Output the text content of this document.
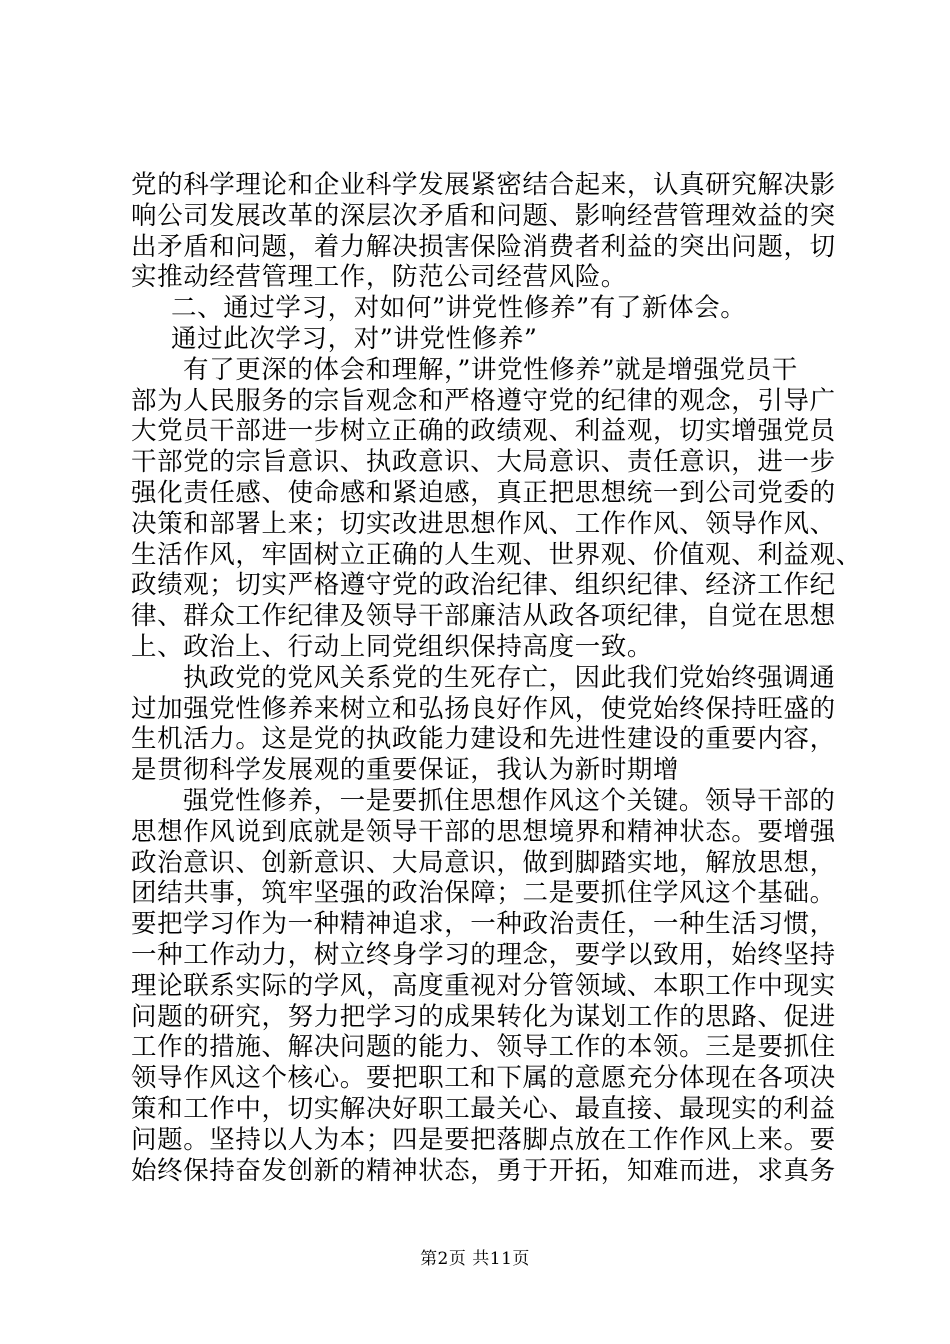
党的科学理论和企业科学发展紧密结合起来，认真研究解决影
响公司发展改革的深层次矛盾和问题、影响经营管理效益的突
出矛盾和问题，着力解决损害保险消费者利益的突出问题，切
实推动经营管理工作，防范公司经营风险。
二、通过学习，对如何”讲党性修养”有了新体会。
通过此次学习，对”讲党性修养”
有了更深的体会和理解，”讲党性修养”就是增强党员干
部为人民服务的宗旨观念和严格遵守党的纪律的观念，引导广
大党员干部进一步树立正确的政绩观、利益观，切实增强党员
干部党的宗旨意识、执政意识、大局意识、责任意识，进一步
强化责任感、使命感和紧迫感，真正把思想统一到公司党委的
决策和部署上来；切实改进思想作风、工作作风、领导作风、
生活作风，牢固树立正确的人生观、世界观、价值观、利益观、
政绩观；切实严格遵守党的政治纪律、组织纪律、经济工作纪
律、群众工作纪律及领导干部廉洁从政各项纪律，自觉在思想
上、政治上、行动上同党组织保持高度一致。
执政党的党风关系党的生死存亡，因此我们党始终强调通
过加强党性修养来树立和弘扬良好作风，使党始终保持旺盛的
生机活力。这是党的执政能力建设和先进性建设的重要内容，
是贯彻科学发展观的重要保证，我认为新时期增
强党性修养，一是要抓住思想作风这个关键。领导干部的
思想作风说到底就是领导干部的思想境界和精神状态。要增强
政治意识、创新意识、大局意识，做到脚踏实地，解放思想，
团结共事，筑牢坚强的政治保障；二是要抓住学风这个基础。
要把学习作为一种精神追求，一种政治责任，一种生活习惯，
一种工作动力，树立终身学习的理念，要学以致用，始终坚持
理论联系实际的学风，高度重视对分管领域、本职工作中现实
问题的研究，努力把学习的成果转化为谋划工作的思路、促进
工作的措施、解决问题的能力、领导工作的本领。三是要抓住
领导作风这个核心。要把职工和下属的意愿充分体现在各项决
策和工作中，切实解决好职工最关心、最直接、最现实的利益
问题。坚持以人为本；四是要把落脚点放在工作作风上来。要
始终保持奋发创新的精神状态，勇于开拓，知难而进，求真务
第2页 共11页
